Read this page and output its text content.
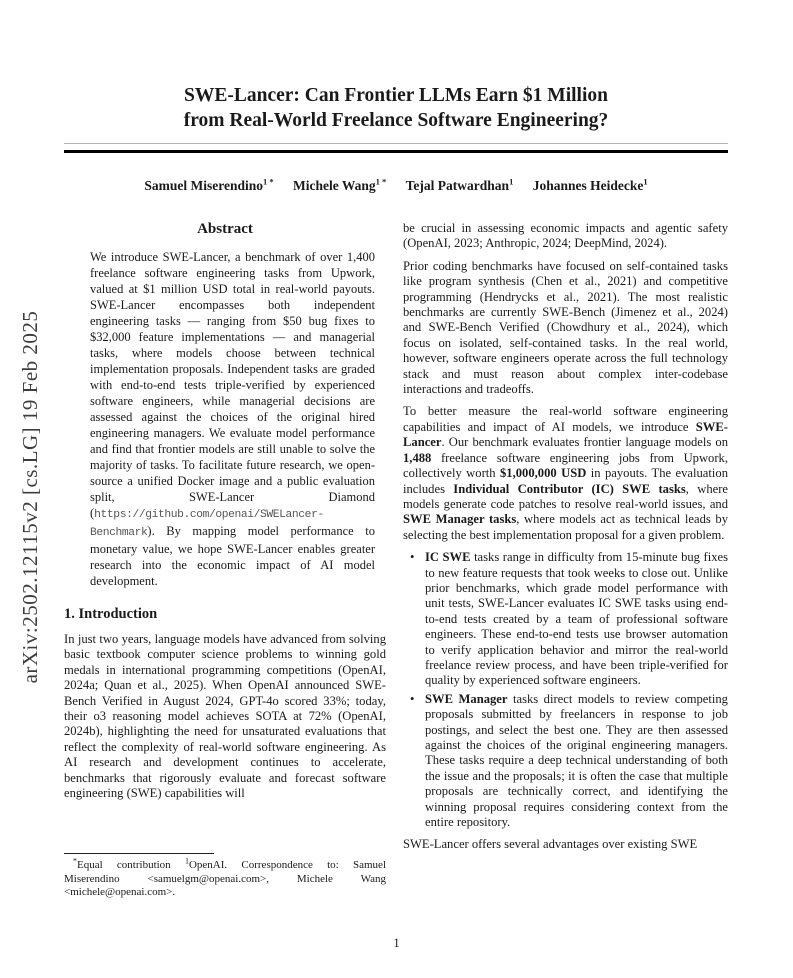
arXiv:2502.12115v2 [cs.LG] 19 Feb 2025
SWE-Lancer: Can Frontier LLMs Earn $1 Million
from Real-World Freelance Software Engineering?
Samuel Miserendino$^{1 *}$ Michele Wang$^{1 *}$ Tejal Patwardhan$^1$ Johannes Heidecke$^1$
Abstract

We introduce SWE-Lancer, a benchmark of over 1,400 freelance software engineering tasks from Upwork, valued at $1 million USD total in real-world payouts. SWE-Lancer encompasses both independent engineering tasks — ranging from $50 bug fixes to $32,000 feature implementations — and managerial tasks, where models choose between technical implementation proposals. Independent tasks are graded with end-to-end tests triple-verified by experienced software engineers, while managerial decisions are assessed against the choices of the original hired engineering managers. We evaluate model performance and find that frontier models are still unable to solve the majority of tasks. To facilitate future research, we open-source a unified Docker image and a public evaluation split, SWE-Lancer Diamond (https://github.com/openai/SWELancer-Benchmark). By mapping model performance to monetary value, we hope SWE-Lancer enables greater research into the economic impact of AI model development.

1. Introduction

In just two years, language models have advanced from solving basic textbook computer science problems to winning gold medals in international programming competitions (OpenAI, 2024a; Quan et al., 2025). When OpenAI announced SWE-Bench Verified in August 2024, GPT-4o scored 33%; today, their o3 reasoning model achieves SOTA at 72% (OpenAI, 2024b), highlighting the need for unsaturated evaluations that reflect the complexity of real-world software engineering. As AI research and development continues to accelerate, benchmarks that rigorously evaluate and forecast software engineering (SWE) capabilities will

*Equal contribution $^1$OpenAI. Correspondence to: Samuel Miserendino <samuelgm@openai.com>, Michele Wang <michele@openai.com>.

be crucial in assessing economic impacts and agentic safety (OpenAI, 2023; Anthropic, 2024; DeepMind, 2024).

Prior coding benchmarks have focused on self-contained tasks like program synthesis (Chen et al., 2021) and competitive programming (Hendrycks et al., 2021). The most realistic benchmarks are currently SWE-Bench (Jimenez et al., 2024) and SWE-Bench Verified (Chowdhury et al., 2024), which focus on isolated, self-contained tasks. In the real world, however, software engineers operate across the full technology stack and must reason about complex inter-codebase interactions and tradeoffs.

To better measure the real-world software engineering capabilities and impact of AI models, we introduce SWE-Lancer. Our benchmark evaluates frontier language models on 1,488 freelance software engineering jobs from Upwork, collectively worth $1,000,000 USD in payouts. The evaluation includes Individual Contributor (IC) SWE tasks, where models generate code patches to resolve real-world issues, and SWE Manager tasks, where models act as technical leads by selecting the best implementation proposal for a given problem.

• IC SWE tasks range in difficulty from 15-minute bug fixes to new feature requests that took weeks to close out. Unlike prior benchmarks, which grade model performance with unit tests, SWE-Lancer evaluates IC SWE tasks using end-to-end tests created by a team of professional software engineers. These end-to-end tests use browser automation to verify application behavior and mirror the real-world freelance review process, and have been triple-verified for quality by experienced software engineers.
• SWE Manager tasks direct models to review competing proposals submitted by freelancers in response to job postings, and select the best one. They are then assessed against the choices of the original engineering managers. These tasks require a deep technical understanding of both the issue and the proposals; it is often the case that multiple proposals are technically correct, and identifying the winning proposal requires considering context from the entire repository.

SWE-Lancer offers several advantages over existing SWE

1
